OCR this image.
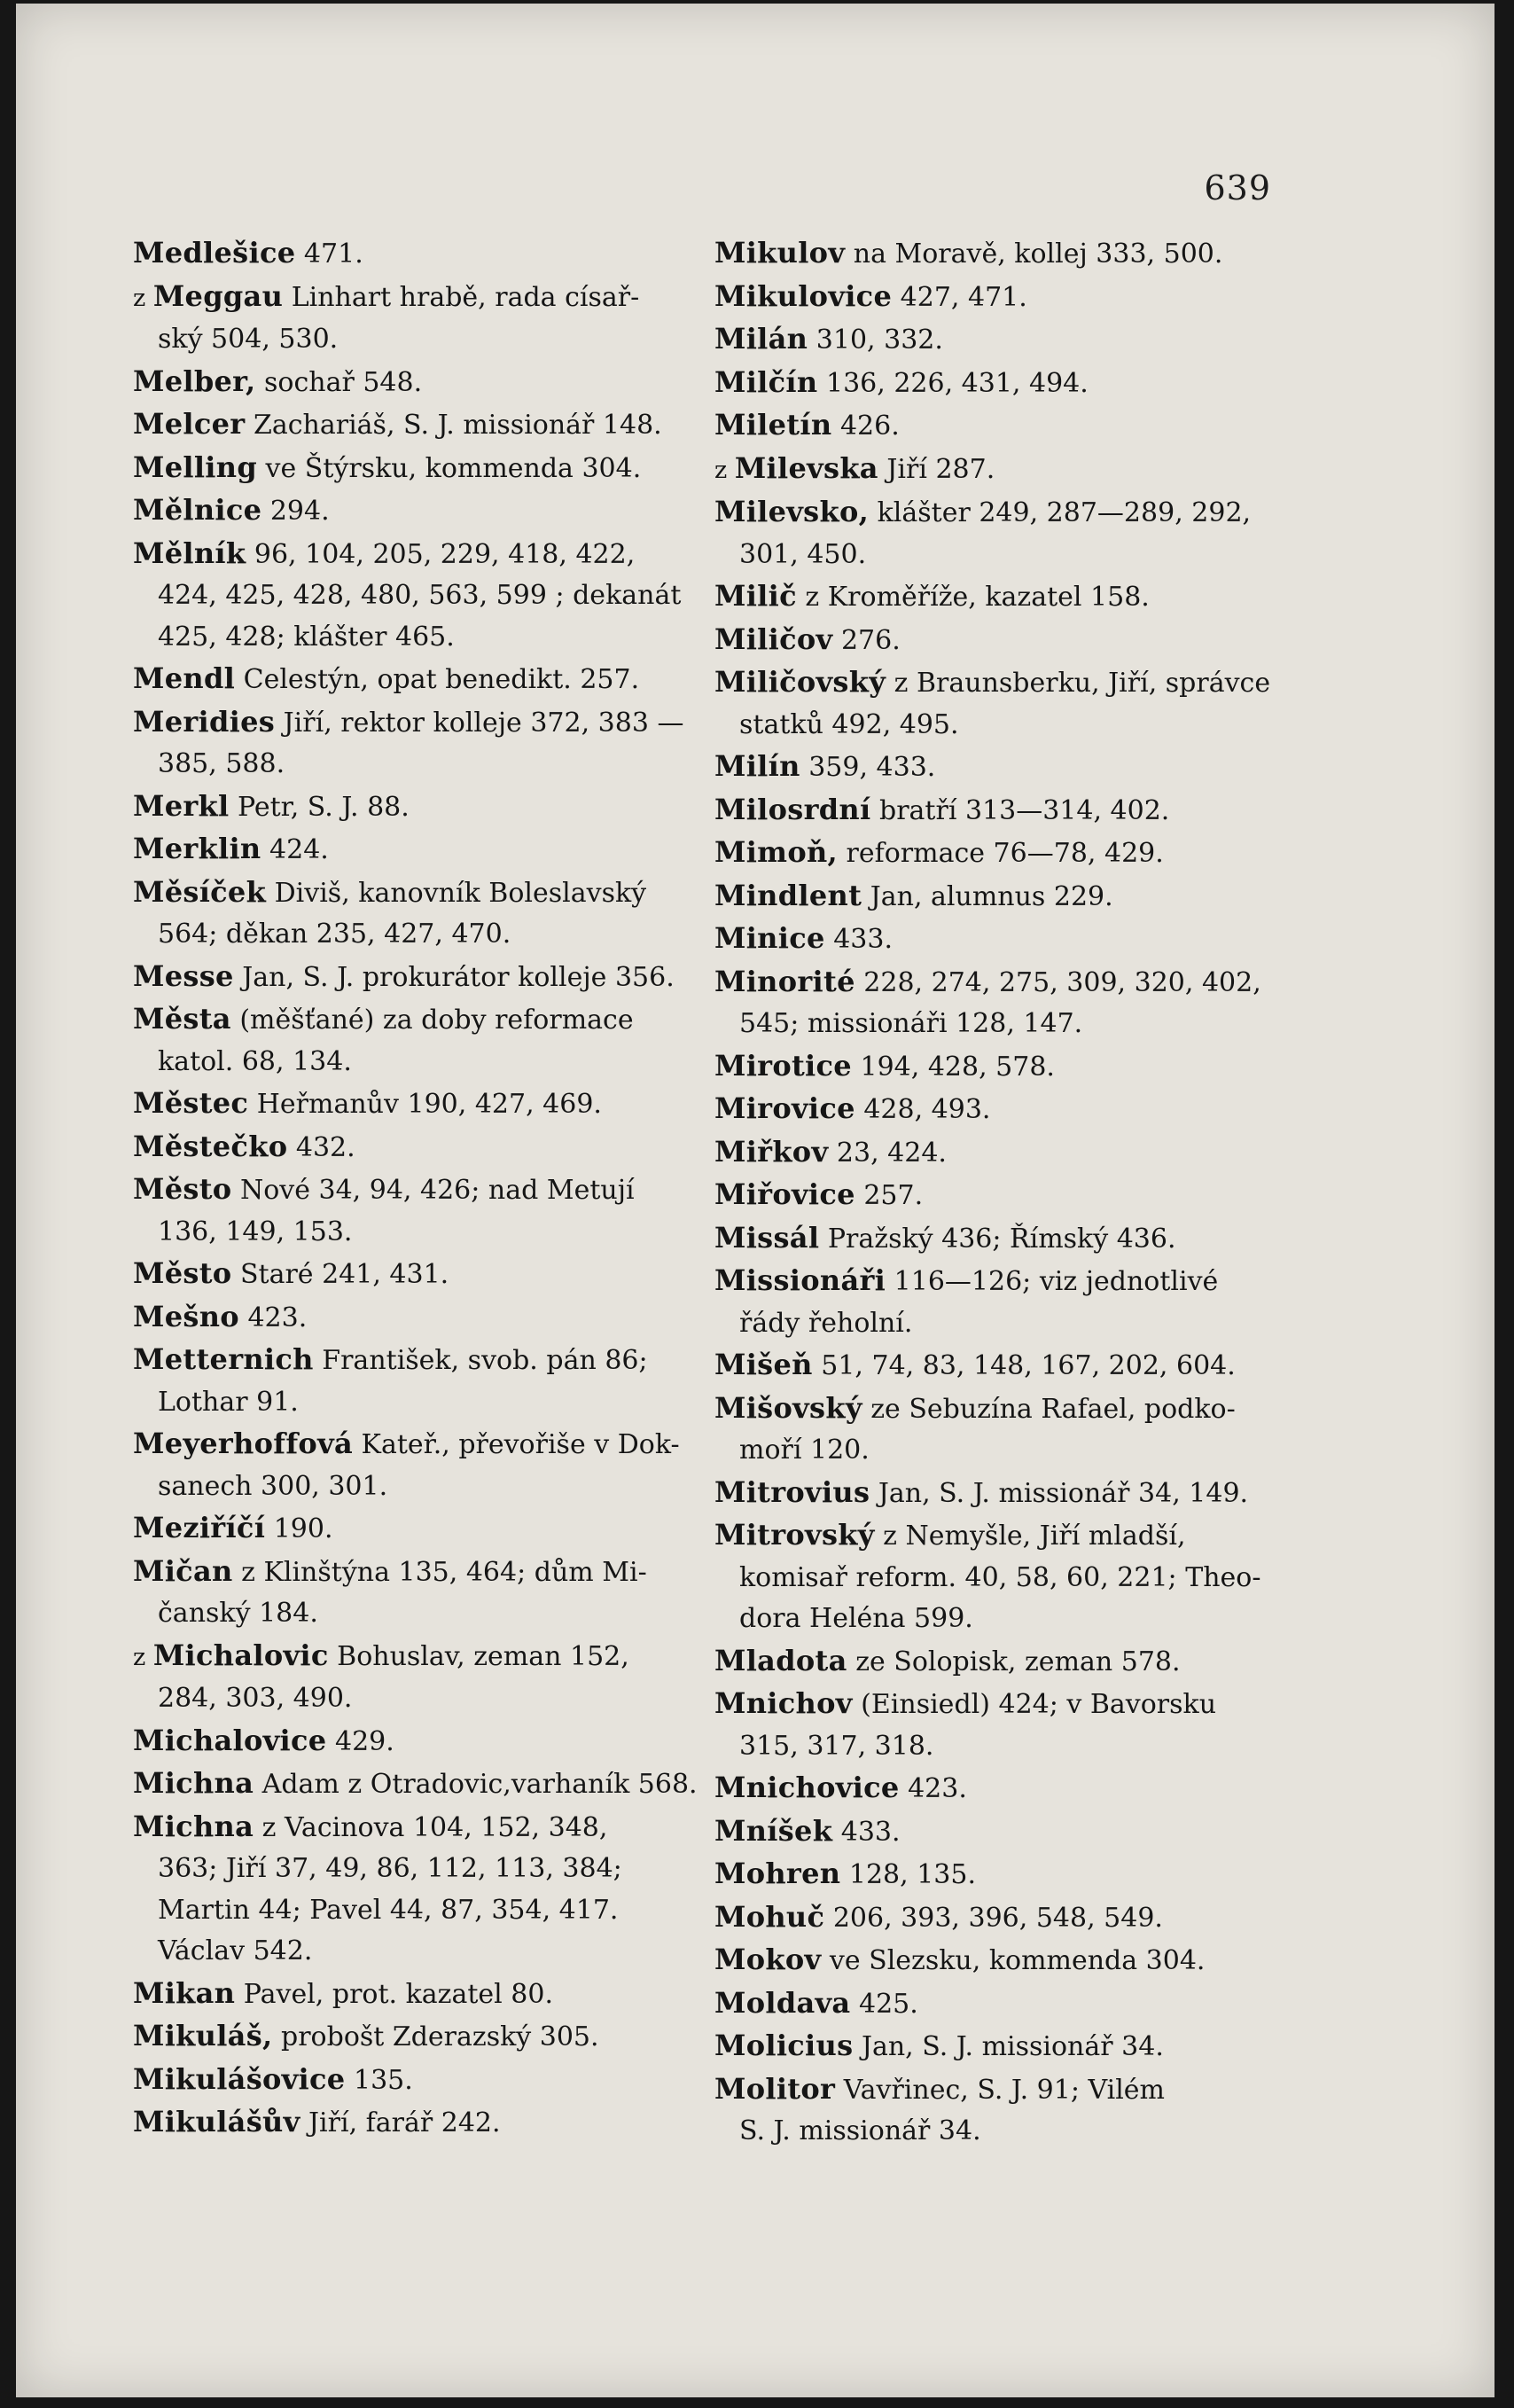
639
Medlešice 471.
z Meggau Linhart hrabě, rada císař-
ský 504, 530.
Melber, sochař 548.
Melcer Zachariáš, S. J. missionář 148.
Melling ve Štýrsku, kommenda 304.
Mělnice 294.
Mělník 96, 104, 205, 229, 418, 422,
424, 425, 428, 480, 563, 599 ; dekanát
425, 428; klášter 465.
Mendl Celestýn, opat benedikt. 257.
Meridies Jiří, rektor kolleje 372, 383 —
385, 588.
Merkl Petr, S. J. 88.
Merklin 424.
Měsíček Diviš, kanovník Boleslavský
564; děkan 235, 427, 470.
Messe Jan, S. J. prokurátor kolleje 356.
Města (měšťané) za doby reformace
katol. 68, 134.
Městec Heřmanův 190, 427, 469.
Městečko 432.
Město Nové 34, 94, 426; nad Metují
136, 149, 153.
Město Staré 241, 431.
Mešno 423.
Metternich František, svob. pán 86;
Lothar 91.
Meyerhoffová Kateř., převořiše v Dok-
sanech 300, 301.
Meziříčí 190.
Mičan z Klinštýna 135, 464; dům Mi-
čanský 184.
z Michalovic Bohuslav, zeman 152,
284, 303, 490.
Michalovice 429.
Michna Adam z Otradovic,varhaník 568.
Michna z Vacinova 104, 152, 348,
363; Jiří 37, 49, 86, 112, 113, 384;
Martin 44; Pavel 44, 87, 354, 417.
Václav 542.
Mikan Pavel, prot. kazatel 80.
Mikuláš, probošt Zderazský 305.
Mikulášovice 135.
Mikulášův Jiří, farář 242.
Mikulov na Moravě, kollej 333, 500.
Mikulovice 427, 471.
Milán 310, 332.
Milčín 136, 226, 431, 494.
Miletín 426.
z Milevska Jiří 287.
Milevsko, klášter 249, 287—289, 292,
301, 450.
Milič z Kroměříže, kazatel 158.
Miličov 276.
Miličovský z Braunsberku, Jiří, správce
statků 492, 495.
Milín 359, 433.
Milosrdní bratří 313—314, 402.
Mimoň, reformace 76—78, 429.
Mindlent Jan, alumnus 229.
Minice 433.
Minorité 228, 274, 275, 309, 320, 402,
545; missionáři 128, 147.
Mirotice 194, 428, 578.
Mirovice 428, 493.
Miřkov 23, 424.
Miřovice 257.
Missál Pražský 436; Římský 436.
Missionáři 116—126; viz jednotlivé
řády řeholní.
Mišeň 51, 74, 83, 148, 167, 202, 604.
Mišovský ze Sebuzína Rafael, podko-
moří 120.
Mitrovius Jan, S. J. missionář 34, 149.
Mitrovský z Nemyšle, Jiří mladší,
komisař reform. 40, 58, 60, 221; Theo-
dora Heléna 599.
Mladota ze Solopisk, zeman 578.
Mnichov (Einsiedl) 424; v Bavorsku
315, 317, 318.
Mnichovice 423.
Mníšek 433.
Mohren 128, 135.
Mohuč 206, 393, 396, 548, 549.
Mokov ve Slezsku, kommenda 304.
Moldava 425.
Molicius Jan, S. J. missionář 34.
Molitor Vavřinec, S. J. 91; Vilém
S. J. missionář 34.
